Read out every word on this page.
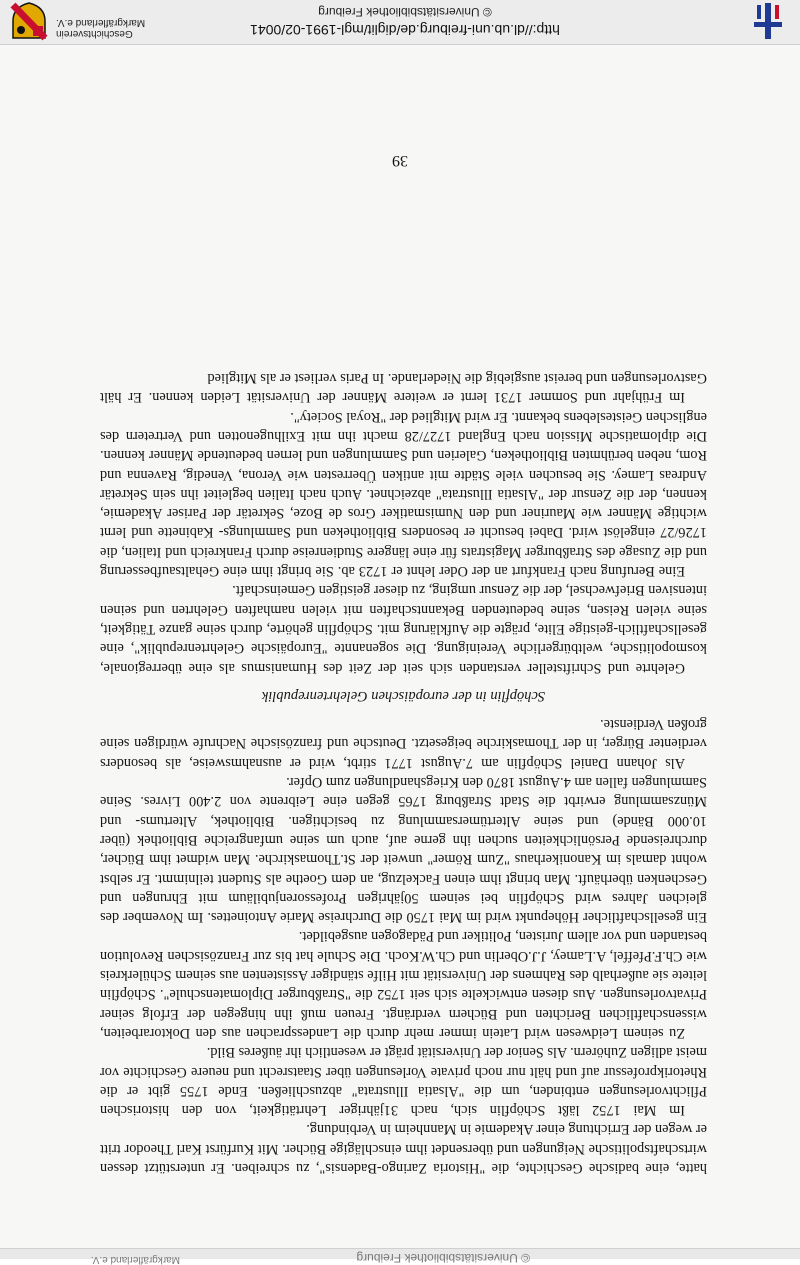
© Universitätsbibliothek Freiburg
Markgräflerland e.V.

hatte, eine badische Geschichte, die "Historia Zaringo-Badensis", zu schreiben. Er unterstützt dessen wirtschaftspolitische Neigungen und übersendet ihm einschlägige Bücher. Mit Kurfürst Karl Theodor tritt er wegen der Errichtung einer Akademie in Mannheim in Verbindung.

Im Mai 1752 läßt Schöpflin sich, nach 31jähriger Lehrtätigkeit, von den historischen Pflichtvorlesungen entbinden, um die "Alsatia Illustrata" abzuschließen. Ende 1755 gibt er die Rhetorikprofessur auf und hält nur noch private Vorlesungen über Staatsrecht und neuere Geschichte vor meist adligen Zuhörern. Als Senior der Universität prägt er wesentlich ihr äußeres Bild.

Zu seinem Leidwesen wird Latein immer mehr durch die Landessprachen aus den Doktorarbeiten, wissenschaftlichen Berichten und Büchern verdrängt. Freuen muß ihn hingegen der Erfolg seiner Privatvorlesungen. Aus diesen entwickelte sich seit 1752 die "Straßburger Diplomatenschule". Schöpflin leitete sie außerhalb des Rahmens der Universität mit Hilfe ständiger Assistenten aus seinem Schülerkreis wie Ch.F.Pfeffel, A.Lamey, J.J.Oberlin und Ch.W.Koch. Die Schule hat bis zur Französischen Revolution bestanden und vor allem Juristen, Politiker und Pädagogen ausgebildet.

Ein gesellschaftlicher Höhepunkt wird im Mai 1750 die Durchreise Marie Antoinettes. Im November des gleichen Jahres wird Schöpflin bei seinem 50jährigen Professorenjubiläum mit Ehrungen und Geschenken überhäuft. Man bringt ihm einen Fackelzug, an dem Goethe als Student teilnimmt. Er selbst wohnt damals im Kanonikerhaus "Zum Römer" unweit der St.Thomaskirche. Man widmet ihm Bücher, durchreisende Persönlichkeiten suchen ihn gerne auf, auch um seine umfangreiche Bibliothek (über 10.000 Bände) und seine Altertümersammlung zu besichtigen. Bibliothek, Altertums- und Münzsammlung erwirbt die Stadt Straßburg 1765 gegen eine Leibrente von 2.400 Livres. Seine Sammlungen fallen am 4.August 1870 den Kriegshandlungen zum Opfer.

Als Johann Daniel Schöpflin am 7.August 1771 stirbt, wird er ausnahmsweise, als besonders verdienter Bürger, in der Thomaskirche beigesetzt. Deutsche und französische Nachrufe würdigen seine großen Verdienste.

Schöpflin in der europäischen Gelehrtenrepublik

Gelehrte und Schriftsteller verstanden sich seit der Zeit des Humanismus als eine überregionale, kosmopolitische, weltbürgerliche Vereinigung. Die sogenannte "Europäische Gelehrtenrepublik", eine gesellschaftlich-geistige Elite, prägte die Aufklärung mit. Schöpflin gehörte, durch seine ganze Tätigkeit, seine vielen Reisen, seine bedeutenden Bekanntschaften mit vielen namhaften Gelehrten und seinen intensiven Briefwechsel, der die Zensur umging, zu dieser geistigen Gemeinschaft.

Eine Berufung nach Frankfurt an der Oder lehnt er 1723 ab. Sie bringt ihm eine Gehaltsaufbesserung und die Zusage des Straßburger Magistrats für eine längere Studienreise durch Frankreich und Italien, die 1726/27 eingelöst wird. Dabei besucht er besonders Bibliotheken und Sammlungs- Kabinette und lernt wichtige Männer wie Mauriner und den Numismatiker Gros de Boze, Sekretär der Pariser Akademie, kennen, der die Zensur der "Alsatia Illustrata" abzeichnet. Auch nach Italien begleitet ihn sein Sekretär Andreas Lamey. Sie besuchen viele Städte mit antiken Überresten wie Verona, Venedig, Ravenna und Rom, neben berühmten Bibliotheken, Galerien und Sammlungen und lernen bedeutende Männer kennen. Die diplomatische Mission nach England 1727/28 macht ihn mit Exilhugenotten und Vertretern des englischen Geisteslebens bekannt. Er wird Mitglied der "Royal Society".

Im Frühjahr und Sommer 1731 lernt er weitere Männer der Universität Leiden kennen. Er hält Gastvorlesungen und bereist ausgiebig die Niederlande. In Paris verliest er als Mitglied

39
http://dl.ub.uni-freiburg.de/diglit/mgl-1991-02/0041
© Universitätsbibliothek Freiburg
Geschichtsverein
Markgräflerland e.V.
